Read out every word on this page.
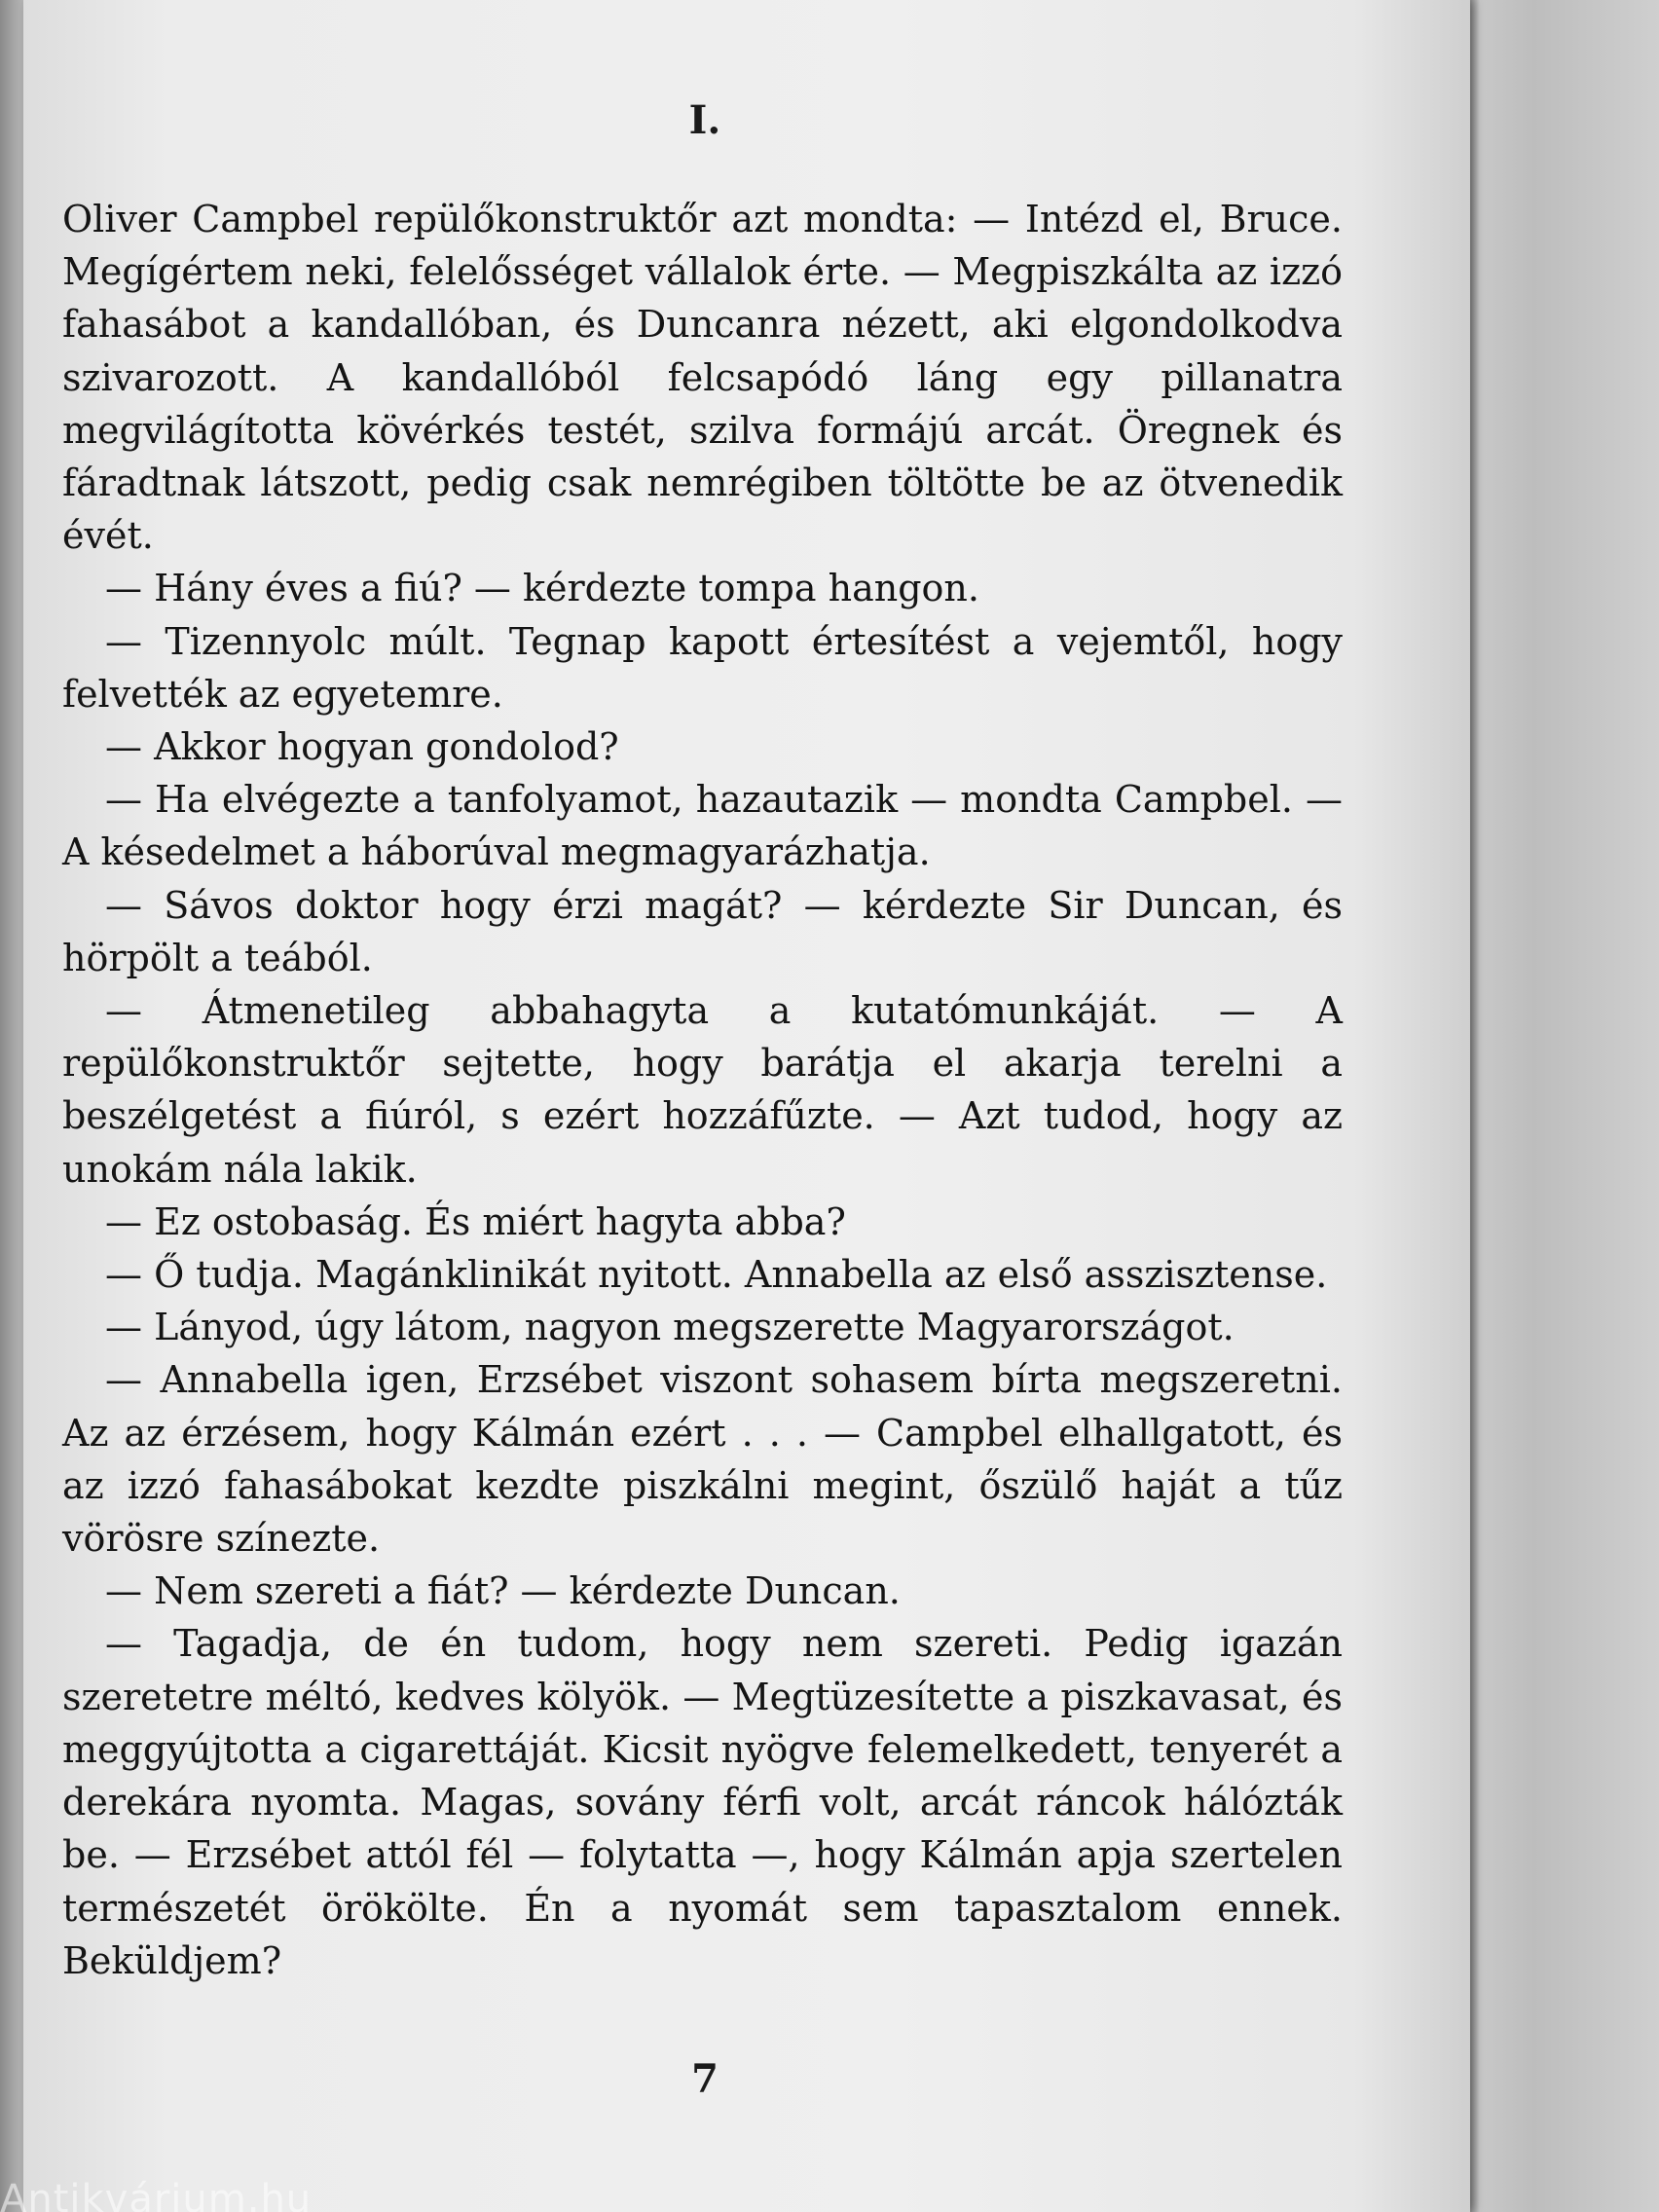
I.

Oliver Campbel repülőkonstruktőr azt mondta: — Intézd el, Bruce. Megígértem neki, felelősséget vállalok érte. — Megpiszkálta az izzó fahasábot a kandallóban, és Duncanra nézett, aki elgondolkodva szivarozott. A kandallóból felcsapódó láng egy pillanatra megvilágította kövérkés testét, szilva formájú arcát. Öregnek és fáradtnak látszott, pedig csak nemrégiben töltötte be az ötvenedik évét.

— Hány éves a fiú? — kérdezte tompa hangon.

— Tizennyolc múlt. Tegnap kapott értesítést a vejemtől, hogy felvették az egyetemre.

— Akkor hogyan gondolod?

— Ha elvégezte a tanfolyamot, hazautazik — mondta Campbel. — A késedelmet a háborúval megmagyarázhatja.

— Sávos doktor hogy érzi magát? — kérdezte Sir Duncan, és hörpölt a teából.

— Átmenetileg abbahagyta a kutatómunkáját. — A repülőkonstruktőr sejtette, hogy barátja el akarja terelni a beszélgetést a fiúról, s ezért hozzáfűzte. — Azt tudod, hogy az unokám nála lakik.

— Ez ostobaság. És miért hagyta abba?

— Ő tudja. Magánklinikát nyitott. Annabella az első asszisztense.

— Lányod, úgy látom, nagyon megszerette Magyarországot.

— Annabella igen, Erzsébet viszont sohasem bírta megszeretni. Az az érzésem, hogy Kálmán ezért . . . — Campbel elhallgatott, és az izzó fahasábokat kezdte piszkálni megint, őszülő haját a tűz vörösre színezte.

— Nem szereti a fiát? — kérdezte Duncan.

— Tagadja, de én tudom, hogy nem szereti. Pedig igazán szeretetre méltó, kedves kölyök. — Megtüzesítette a piszkavasat, és meggyújtotta a cigarettáját. Kicsit nyögve felemelkedett, tenyerét a derekára nyomta. Magas, sovány férfi volt, arcát ráncok hálózták be. — Erzsébet attól fél — folytatta —, hogy Kálmán apja szertelen természetét örökölte. Én a nyomát sem tapasztalom ennek. Beküldjem?

7
Antikvárium.hu
